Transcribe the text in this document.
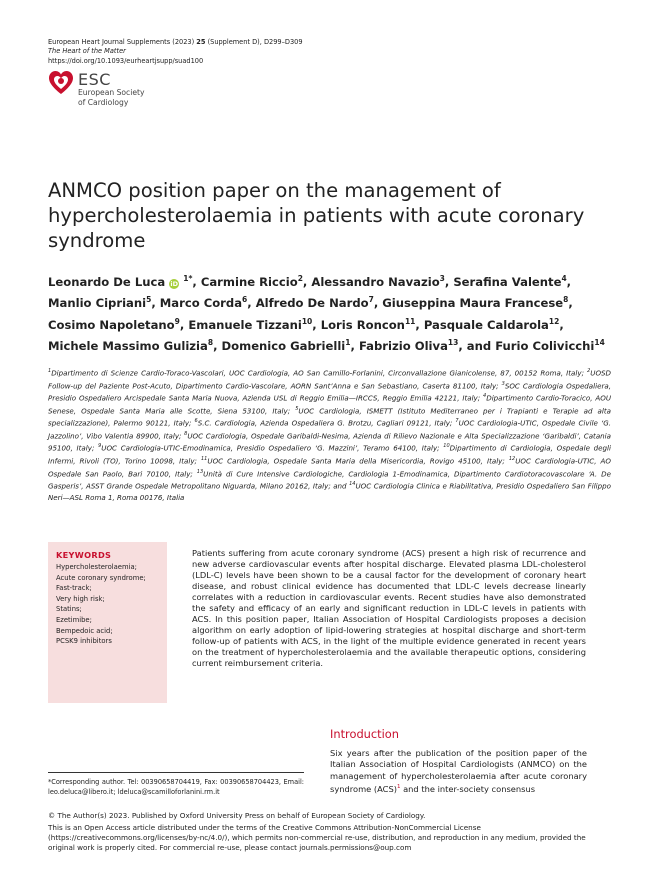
European Heart Journal Supplements (2023) 25 (Supplement D), D299–D309
The Heart of the Matter
https://doi.org/10.1093/eurheartjsupp/suad100
ESC
European Society
of Cardiology
ANMCO position paper on the management of hypercholesterolaemia in patients with acute coronary syndrome
Leonardo De Luca iD $^{1*}$, Carmine Riccio$^2$, Alessandro Navazio$^3$, Serafina Valente$^4$, Manlio Cipriani$^5$, Marco Corda$^6$, Alfredo De Nardo$^7$, Giuseppina Maura Francese$^8$, Cosimo Napoletano$^9$, Emanuele Tizzani$^{10}$, Loris Roncon$^{11}$, Pasquale Caldarola$^{12}$, Michele Massimo Gulizia$^8$, Domenico Gabrielli$^1$, Fabrizio Oliva$^{13}$, and Furio Colivicchi$^{14}$
$^1$Dipartimento di Scienze Cardio-Toraco-Vascolari, UOC Cardiologia, AO San Camillo-Forlanini, Circonvallazione Gianicolense, 87, 00152 Roma, Italy; $^2$UOSD Follow-up del Paziente Post-Acuto, Dipartimento Cardio-Vascolare, AORN Sant’Anna e San Sebastiano, Caserta 81100, Italy; $^3$SOC Cardiologia Ospedaliera, Presidio Ospedaliero Arcispedale Santa Maria Nuova, Azienda USL di Reggio Emilia—IRCCS, Reggio Emilia 42121, Italy; $^4$Dipartimento Cardio-Toracico, AOU Senese, Ospedale Santa Maria alle Scotte, Siena 53100, Italy; $^5$UOC Cardiologia, ISMETT (Istituto Mediterraneo per i Trapianti e Terapie ad alta specializzazione), Palermo 90121, Italy; $^6$S.C. Cardiologia, Azienda Ospedaliera G. Brotzu, Cagliari 09121, Italy; $^7$UOC Cardiologia-UTIC, Ospedale Civile ‘G. Jazzolino’, Vibo Valentia 89900, Italy; $^8$UOC Cardiologia, Ospedale Garibaldi-Nesima, Azienda di Rilievo Nazionale e Alta Specializzazione ‘Garibaldi’, Catania 95100, Italy; $^9$UOC Cardiologia-UTIC-Emodinamica, Presidio Ospedaliero ‘G. Mazzini’, Teramo 64100, Italy; $^{10}$Dipartimento di Cardiologia, Ospedale degli Infermi, Rivoli (TO), Torino 10098, Italy; $^{11}$UOC Cardiologia, Ospedale Santa Maria della Misericordia, Rovigo 45100, Italy; $^{12}$UOC Cardiologia-UTIC, AO Ospedale San Paolo, Bari 70100, Italy; $^{13}$Unità di Cure Intensive Cardiologiche, Cardiologia 1-Emodinamica, Dipartimento Cardiotoracovascolare ‘A. De Gasperis’, ASST Grande Ospedale Metropolitano Niguarda, Milano 20162, Italy; and $^{14}$UOC Cardiologia Clinica e Riabilitativa, Presidio Ospedaliero San Filippo Neri—ASL Roma 1, Roma 00176, Italia
KEYWORDS
Hypercholesterolaemia;
Acute coronary syndrome;
Fast-track;
Very high risk;
Statins;
Ezetimibe;
Bempedoic acid;
PCSK9 inhibitors
Patients suffering from acute coronary syndrome (ACS) present a high risk of recurrence and new adverse cardiovascular events after hospital discharge. Elevated plasma LDL-cholesterol (LDL-C) levels have been shown to be a causal factor for the development of coronary heart disease, and robust clinical evidence has documented that LDL-C levels decrease linearly correlates with a reduction in cardiovascular events. Recent studies have also demonstrated the safety and efficacy of an early and significant reduction in LDL-C levels in patients with ACS. In this position paper, Italian Association of Hospital Cardiologists proposes a decision algorithm on early adoption of lipid-lowering strategies at hospital discharge and short-term follow-up of patients with ACS, in the light of the multiple evidence generated in recent years on the treatment of hypercholesterolaemia and the available therapeutic options, considering current reimbursement criteria.
Introduction
Six years after the publication of the position paper of the Italian Association of Hospital Cardiologists (ANMCO) on the management of hypercholesterolaemia after acute coronary syndrome (ACS)$^1$ and the inter-society consensus
*Corresponding author. Tel: 00390658704419, Fax: 00390658704423, Email: leo.deluca@libero.it; ldeluca@scamilloforlanini.rm.it
© The Author(s) 2023. Published by Oxford University Press on behalf of European Society of Cardiology.
This is an Open Access article distributed under the terms of the Creative Commons Attribution-NonCommercial License (https://creativecommons.org/licenses/by-nc/4.0/), which permits non-commercial re-use, distribution, and reproduction in any medium, provided the original work is properly cited. For commercial re-use, please contact journals.permissions@oup.com
